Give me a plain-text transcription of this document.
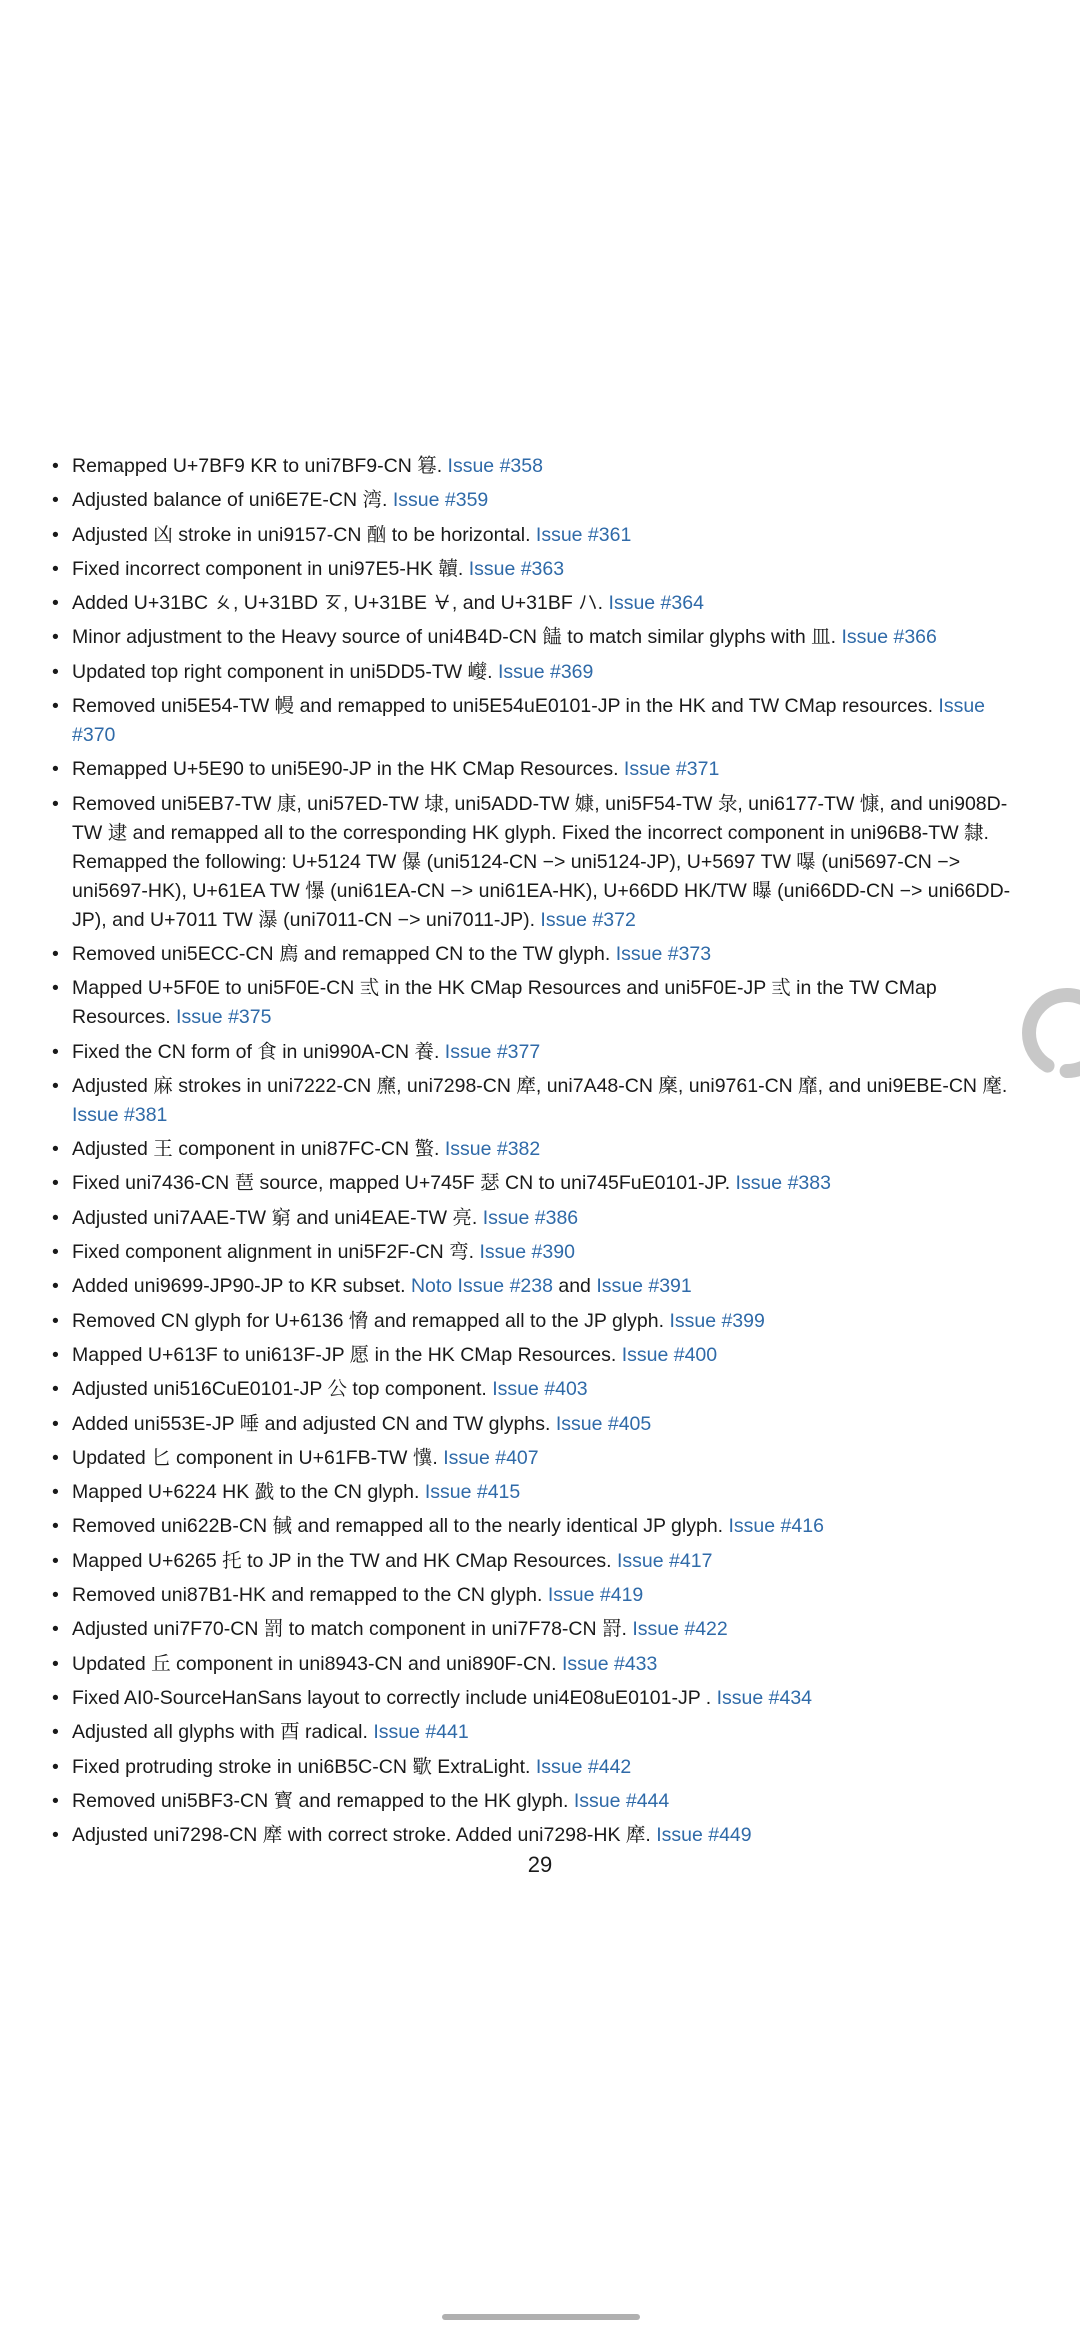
• Remapped U+7BF9 KR to uni7BF9-CN 篹. Issue #358
• Adjusted balance of uni6E7E-CN 湾. Issue #359
• Adjusted 凶 stroke in uni9157-CN 酗 to be horizontal. Issue #361
• Fixed incorrect component in uni97E5-HK 韥. Issue #363
• Added U+31BC ㆼ, U+31BD ㆽ, U+31BE ㆾ, and U+31BF ㆿ. Issue #364
• Minor adjustment to the Heavy source of uni4B4D-CN 䭍 to match similar glyphs with 皿. Issue #366
• Updated top right component in uni5DD5-TW 巕. Issue #369
• Removed uni5E54-TW 幔 and remapped to uni5E54uE0101-JP in the HK and TW CMap resources. Issue #370
• Remapped U+5E90 to uni5E90-JP in the HK CMap Resources. Issue #371
• Removed uni5EB7-TW 康, uni57ED-TW 埭, uni5ADD-TW 嫝, uni5F54-TW 彔, uni6177-TW 慷, and uni908D-TW 逮 and remapped all to the corresponding HK glyph. Fixed the incorrect component in uni96B8-TW 隸. Remapped the following: U+5124 TW 儤 (uni5124-CN −> uni5124-JP), U+5697 TW 嚗 (uni5697-CN −> uni5697-HK), U+61EA TW 懪 (uni61EA-CN −> uni61EA-HK), U+66DD HK/TW 曝 (uni66DD-CN −> uni66DD-JP), and U+7011 TW 瀑 (uni7011-CN −> uni7011-JP). Issue #372
• Removed uni5ECC-CN 廌 and remapped CN to the TW glyph. Issue #373
• Mapped U+5F0E to uni5F0E-CN 弎 in the HK CMap Resources and uni5F0E-JP 弎 in the TW CMap Resources. Issue #375
• Fixed the CN form of 食 in uni990A-CN 養. Issue #377
• Adjusted 麻 strokes in uni7222-CN 爢, uni7298-CN 犘, uni7A48-CN 穈, uni9761-CN 靡, and uni9EBE-CN 麾. Issue #381
• Adjusted 王 component in uni87FC-CN 蟼. Issue #382
• Fixed uni7436-CN 琶 source, mapped U+745F 瑟 CN to uni745FuE0101-JP. Issue #383
• Adjusted uni7AAE-TW 窮 and uni4EAE-TW 亮. Issue #386
• Fixed component alignment in uni5F2F-CN 弯. Issue #390
• Added uni9699-JP90-JP to KR subset. Noto Issue #238 and Issue #391
• Removed CN glyph for U+6136 愶 and remapped all to the JP glyph. Issue #399
• Mapped U+613F to uni613F-JP 愿 in the HK CMap Resources. Issue #400
• Adjusted uni516CuE0101-JP 公 top component. Issue #403
• Added uni553E-JP 唾 and adjusted CN and TW glyphs. Issue #405
• Updated 匕 component in U+61FB-TW 懻. Issue #407
• Mapped U+6224 HK 戤 to the CN glyph. Issue #415
• Removed uni622B-CN 戫 and remapped all to the nearly identical JP glyph. Issue #416
• Mapped U+6265 托 to JP in the TW and HK CMap Resources. Issue #417
• Removed uni87B1-HK and remapped to the CN glyph. Issue #419
• Adjusted uni7F70-CN 罰 to match component in uni7F78-CN 罸. Issue #422
• Updated 丘 component in uni8943-CN and uni890F-CN. Issue #433
• Fixed AI0-SourceHanSans layout to correctly include uni4E08uE0101-JP . Issue #434
• Adjusted all glyphs with 酉 radical. Issue #441
• Fixed protruding stroke in uni6B5C-CN 歜 ExtraLight. Issue #442
• Removed uni5BF3-CN 寳 and remapped to the HK glyph. Issue #444
• Adjusted uni7298-CN 犘 with correct stroke. Added uni7298-HK 犘. Issue #449
29
